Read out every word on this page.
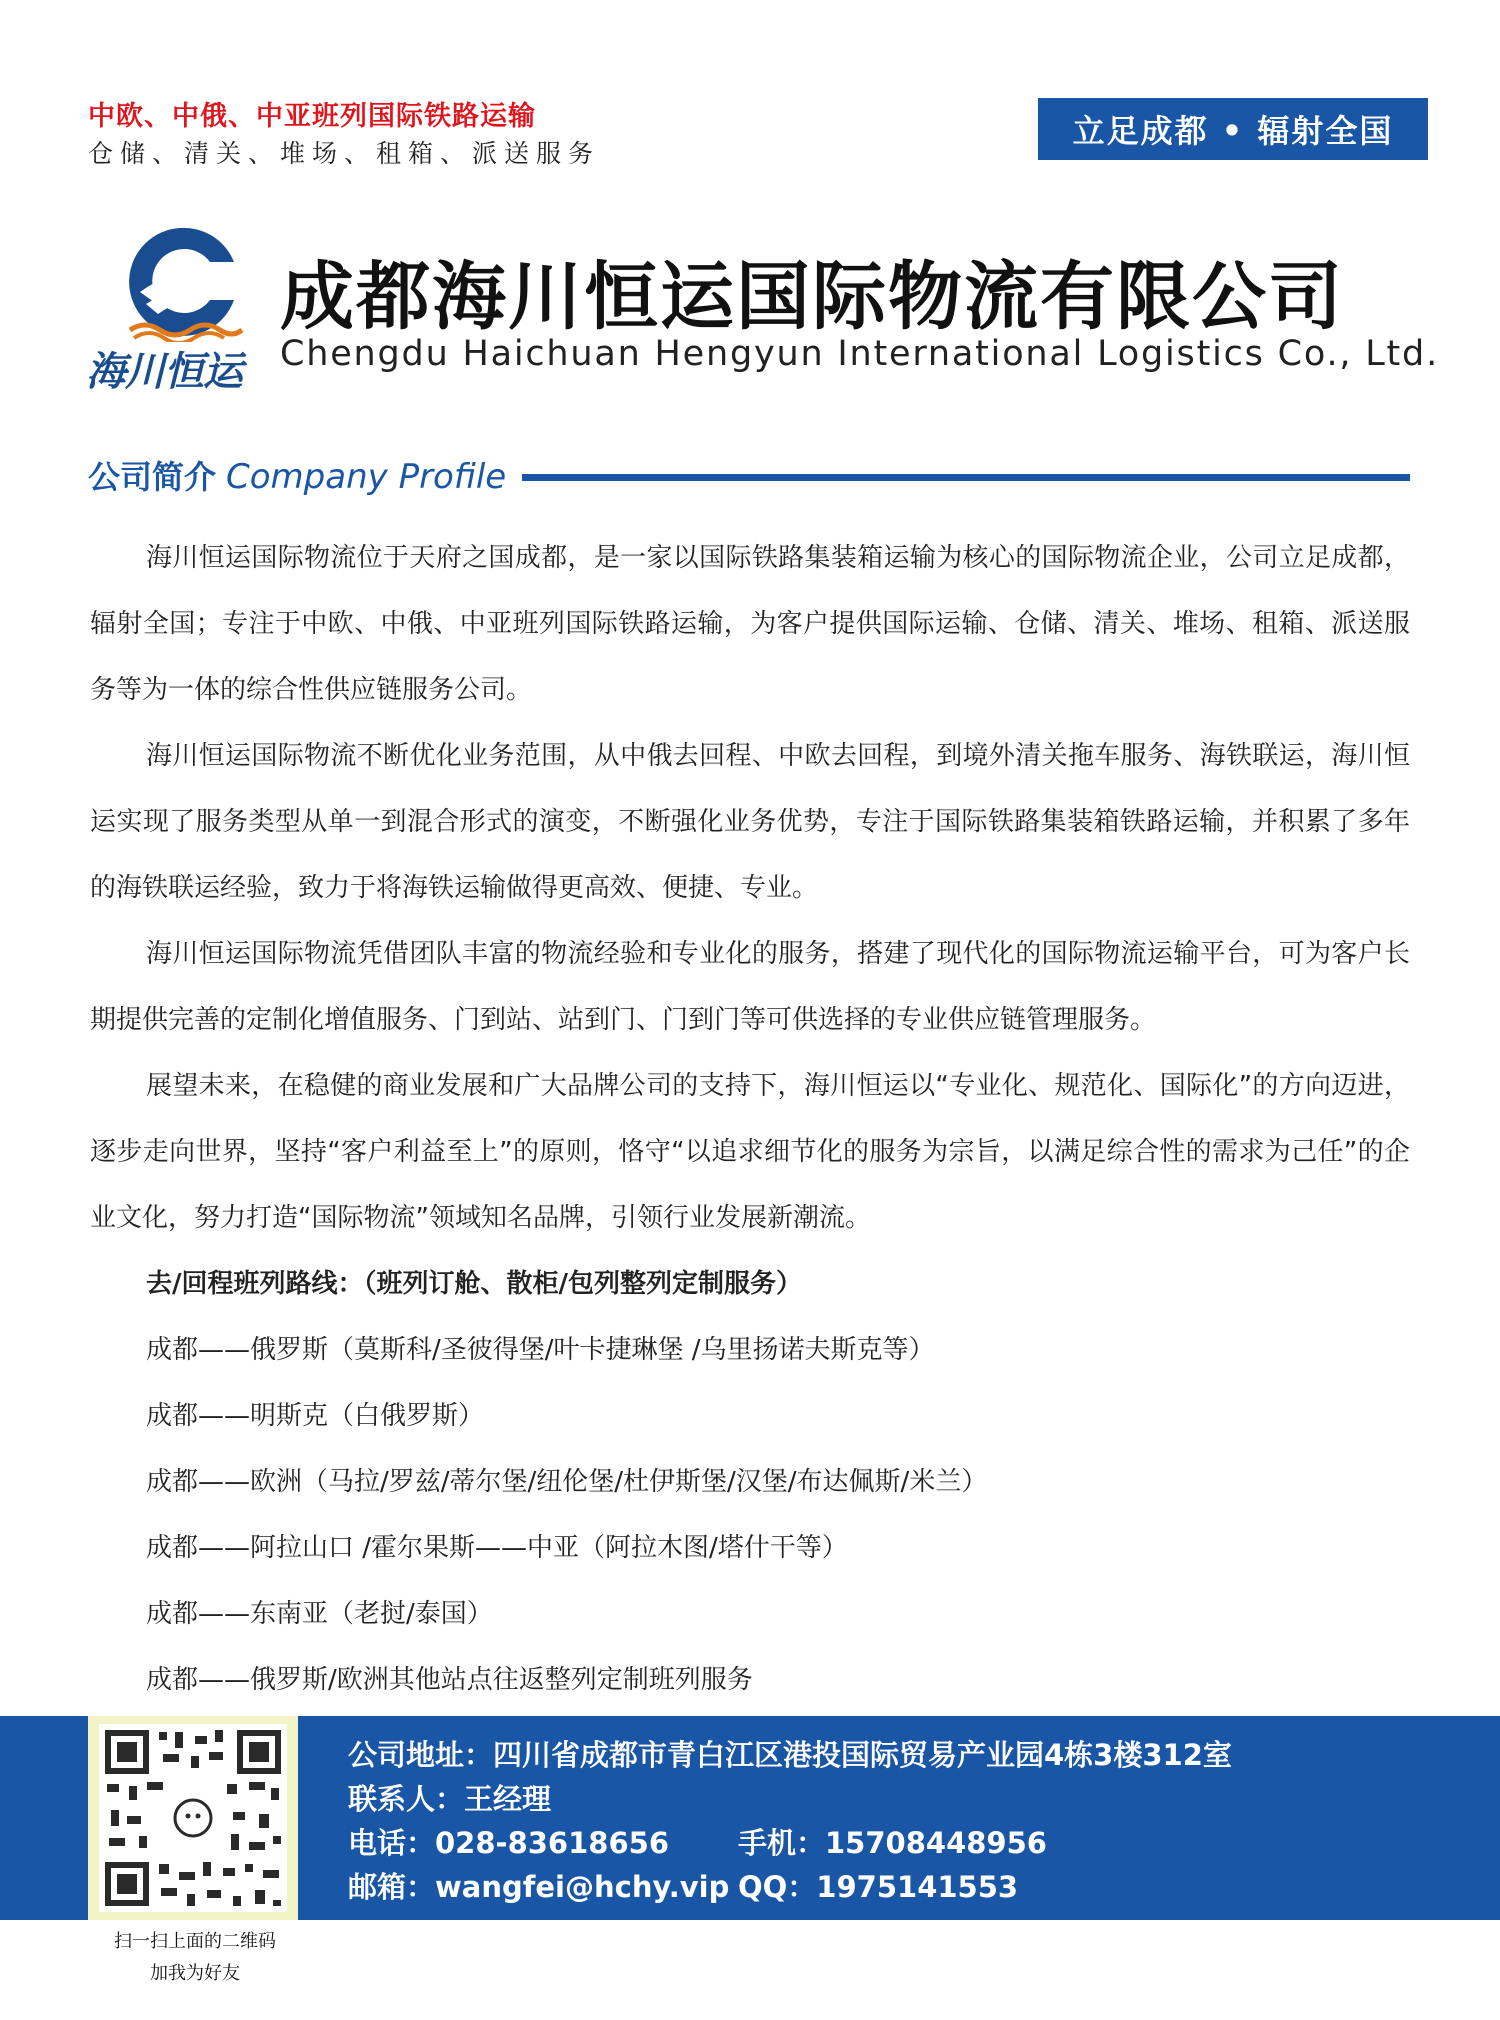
中欧、中俄、中亚班列国际铁路运输
仓储、清关、堆场、租箱、派送服务
立足成都 • 辐射全国
海川恒运
成都海川恒运国际物流有限公司
Chengdu Haichuan Hengyun International Logistics Co., Ltd.
公司简介 Company Profile

海川恒运国际物流位于天府之国成都，是一家以国际铁路集装箱运输为核心的国际物流企业，公司立足成都，辐射全国；专注于中欧、中俄、中亚班列国际铁路运输，为客户提供国际运输、仓储、清关、堆场、租箱、派送服务等为一体的综合性供应链服务公司。

海川恒运国际物流不断优化业务范围，从中俄去回程、中欧去回程，到境外清关拖车服务、海铁联运，海川恒运实现了服务类型从单一到混合形式的演变，不断强化业务优势，专注于国际铁路集装箱铁路运输，并积累了多年的海铁联运经验，致力于将海铁运输做得更高效、便捷、专业。

海川恒运国际物流凭借团队丰富的物流经验和专业化的服务，搭建了现代化的国际物流运输平台，可为客户长期提供完善的定制化增值服务、门到站、站到门、门到门等可供选择的专业供应链管理服务。

展望未来，在稳健的商业发展和广大品牌公司的支持下，海川恒运以“专业化、规范化、国际化”的方向迈进，逐步走向世界，坚持“客户利益至上”的原则，恪守“以追求细节化的服务为宗旨，以满足综合性的需求为己任”的企业文化，努力打造“国际物流”领域知名品牌，引领行业发展新潮流。

去/回程班列路线：（班列订舱、散柜/包列整列定制服务）
成都——俄罗斯（莫斯科/圣彼得堡/叶卡捷琳堡 /乌里扬诺夫斯克等）
成都——明斯克（白俄罗斯）
成都——欧洲（马拉/罗兹/蒂尔堡/纽伦堡/杜伊斯堡/汉堡/布达佩斯/米兰）
成都——阿拉山口 /霍尔果斯——中亚（阿拉木图/塔什干等）
成都——东南亚（老挝/泰国）
成都——俄罗斯/欧洲其他站点往返整列定制班列服务
公司地址：四川省成都市青白江区港投国际贸易产业园4栋3楼312室
联系人：王经理
电话：028-83618656 手机：15708448956
邮箱：wangfei@hchy.vip QQ：1975141553
扫一扫上面的二维码
加我为好友
